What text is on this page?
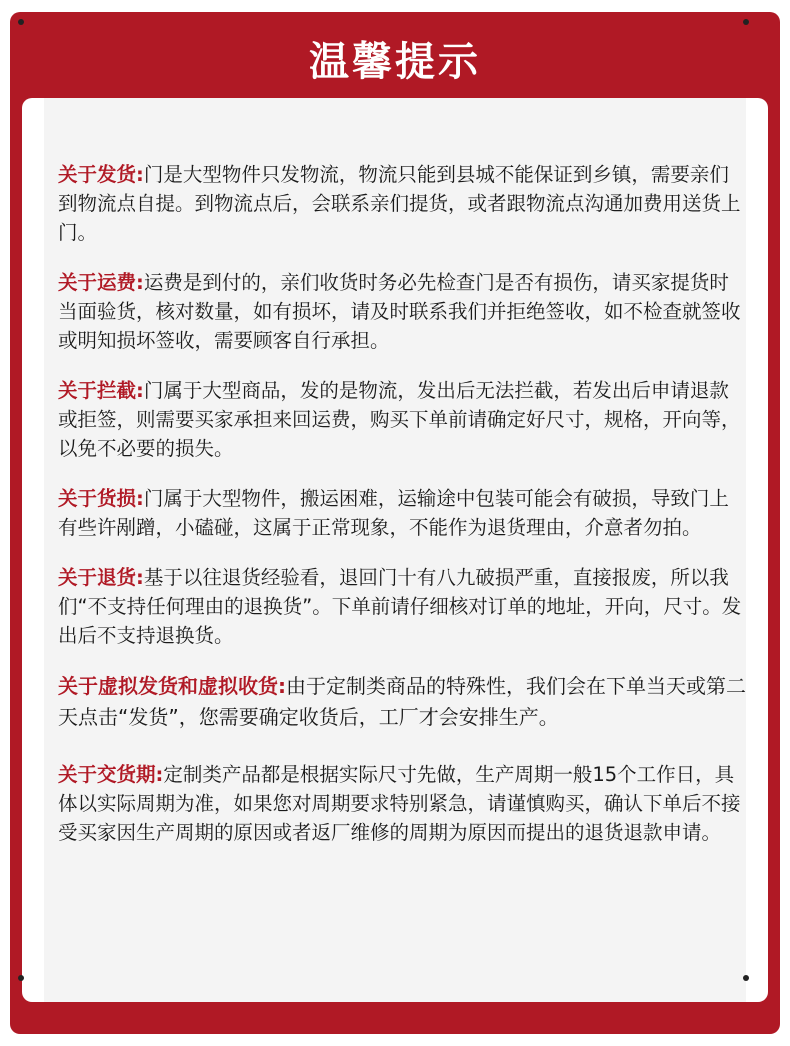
温馨提示

关于发货:门是大型物件只发物流，物流只能到县城不能保证到乡镇，需要亲们到物流点自提。到物流点后，会联系亲们提货，或者跟物流点沟通加费用送货上门。

关于运费:运费是到付的，亲们收货时务必先检查门是否有损伤，请买家提货时当面验货，核对数量，如有损坏，请及时联系我们并拒绝签收，如不检查就签收或明知损坏签收，需要顾客自行承担。

关于拦截:门属于大型商品，发的是物流，发出后无法拦截，若发出后申请退款或拒签，则需要买家承担来回运费，购买下单前请确定好尺寸，规格，开向等，以免不必要的损失。

关于货损:门属于大型物件，搬运困难，运输途中包装可能会有破损，导致门上有些许剐蹭，小磕碰，这属于正常现象，不能作为退货理由，介意者勿拍。

关于退货:基于以往退货经验看，退回门十有八九破损严重，直接报废，所以我们“不支持任何理由的退换货”。下单前请仔细核对订单的地址，开向，尺寸。发出后不支持退换货。

关于虚拟发货和虚拟收货:由于定制类商品的特殊性，我们会在下单当天或第二天点击“发货”，您需要确定收货后，工厂才会安排生产。

关于交货期:定制类产品都是根据实际尺寸先做，生产周期一般15个工作日，具体以实际周期为准，如果您对周期要求特别紧急，请谨慎购买，确认下单后不接受买家因生产周期的原因或者返厂维修的周期为原因而提出的退货退款申请。
